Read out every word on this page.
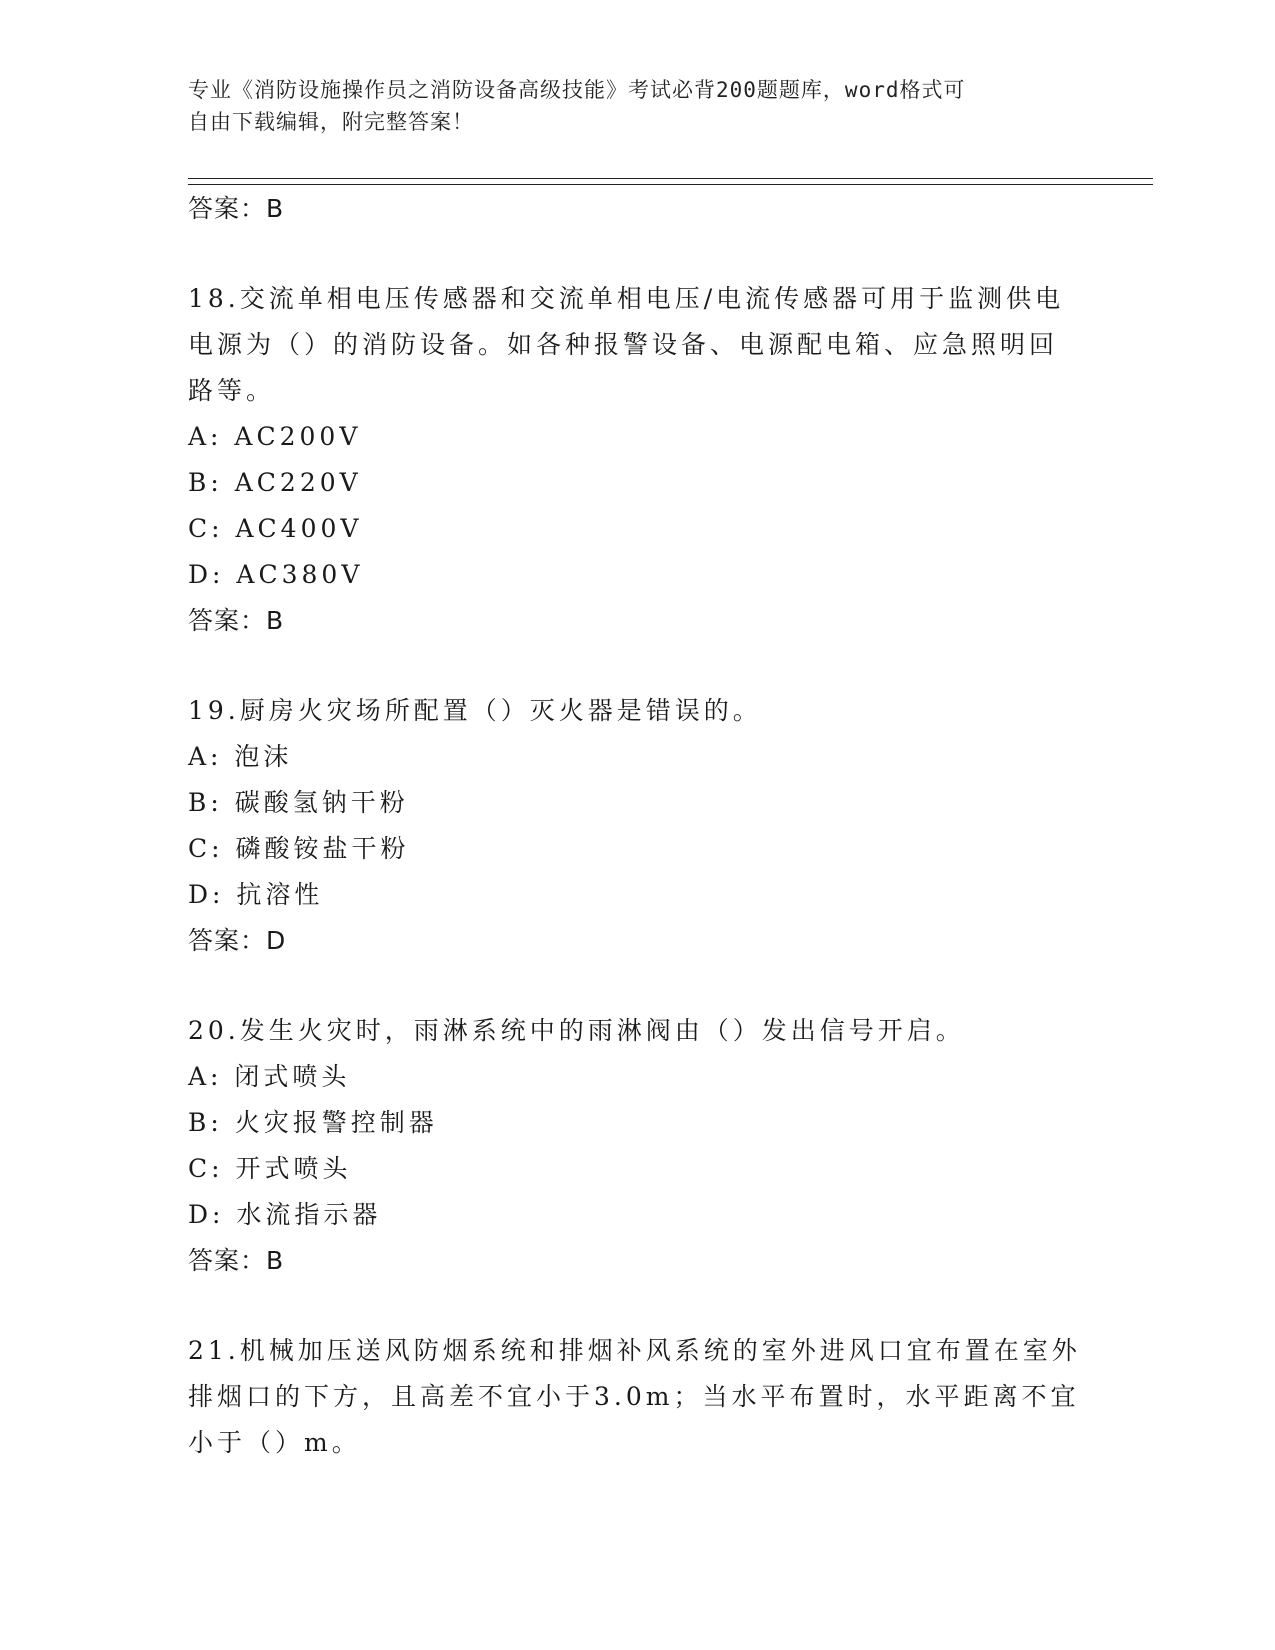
专业《消防设施操作员之消防设备高级技能》考试必背200题题库，word格式可
自由下载编辑，附完整答案！
答案：B
18.交流单相电压传感器和交流单相电压/电流传感器可用于监测供电
电源为（）的消防设备。如各种报警设备、电源配电箱、应急照明回
路等。
A: AC200V
B: AC220V
C: AC400V
D: AC380V
答案：B
19.厨房火灾场所配置（）灭火器是错误的。
A: 泡沫
B: 碳酸氢钠干粉
C: 磷酸铵盐干粉
D: 抗溶性
答案：D
20.发生火灾时，雨淋系统中的雨淋阀由（）发出信号开启。
A: 闭式喷头
B: 火灾报警控制器
C: 开式喷头
D: 水流指示器
答案：B
21.机械加压送风防烟系统和排烟补风系统的室外进风口宜布置在室外
排烟口的下方，且高差不宜小于3.0m；当水平布置时，水平距离不宜
小于（）m。
